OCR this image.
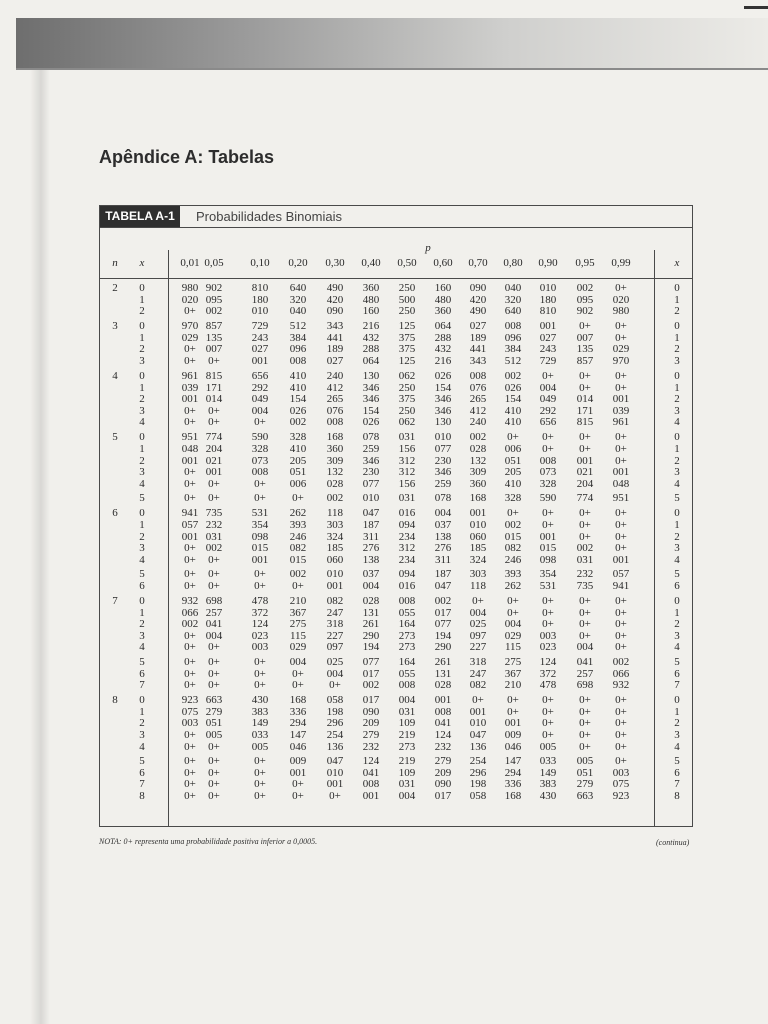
Apêndice A: Tabelas
TABELA A-1	Probabilidades Binomiais
p
n x	x
0,01 0,05 0,10 0,20 0,30 0,40 0,50 0,60 0,70 0,80 0,90 0,95 0,99
2 0	980 902	810 640 490 360 250 160 090 040 010 002 0+	0
1	020 095	180 320 420 480 500 480 420 320 180 095 020	1
2	0+ 002	010 040 090 160 250 360 490 640 810 902 980	2
3 0	970 857	729 512 343 216 125 064 027 008 001 0+ 0+	0
1	029 135	243 384 441 432 375 288 189 096 027 007 0+	1
2	0+ 007	027 096 189 288 375 432 441 384 243 135 029	2
3	0+ 0+	001 008 027 064 125 216 343 512 729 857 970	3
4 0	961 815	656 410 240 130 062 026 008 002 0+ 0+ 0+	0
1	039 171	292 410 412 346 250 154 076 026 004 0+ 0+	1
2	001 014	049 154 265 346 375 346 265 154 049 014 001	2
3	0+ 0+	004 026 076 154 250 346 412 410 292 171 039	3
4	0+ 0+	0+ 002 008 026 062 130 240 410 656 815 961	4
5 0	951 774	590 328 168 078 031 010 002 0+ 0+ 0+ 0+	0
1	048 204	328 410 360 259 156 077 028 006 0+ 0+ 0+	1
2	001 021	073 205 309 346 312 230 132 051 008 001 0+	2
3	0+ 001	008 051 132 230 312 346 309 205 073 021 001	3
4	0+ 0+	0+ 006 028 077 156 259 360 410 328 204 048	4
5	0+ 0+	0+ 0+ 002 010 031 078 168 328 590 774 951	5
6 0	941 735	531 262 118 047 016 004 001 0+ 0+ 0+ 0+	0
1	057 232	354 393 303 187 094 037 010 002 0+ 0+ 0+	1
2	001 031	098 246 324 311 234 138 060 015 001 0+ 0+	2
3	0+ 002	015 082 185 276 312 276 185 082 015 002 0+	3
4	0+ 0+	001 015 060 138 234 311 324 246 098 031 001	4
5	0+ 0+	0+ 002 010 037 094 187 303 393 354 232 057	5
6	0+ 0+	0+ 0+ 001 004 016 047 118 262 531 735 941	6
7 0	932 698	478 210 082 028 008 002 0+ 0+ 0+ 0+ 0+	0
1	066 257	372 367 247 131 055 017 004 0+ 0+ 0+ 0+	1
2	002 041	124 275 318 261 164 077 025 004 0+ 0+ 0+	2
3	0+ 004	023 115 227 290 273 194 097 029 003 0+ 0+	3
4	0+ 0+	003 029 097 194 273 290 227 115 023 004 0+	4
5	0+ 0+	0+ 004 025 077 164 261 318 275 124 041 002	5
6	0+ 0+	0+ 0+ 004 017 055 131 247 367 372 257 066	6
7	0+ 0+	0+ 0+ 0+ 002 008 028 082 210 478 698 932	7
8 0	923 663	430 168 058 017 004 001 0+ 0+ 0+ 0+ 0+	0
1	075 279	383 336 198 090 031 008 001 0+ 0+ 0+ 0+	1
2	003 051	149 294 296 209 109 041 010 001 0+ 0+ 0+	2
3	0+ 005	033 147 254 279 219 124 047 009 0+ 0+ 0+	3
4	0+ 0+	005 046 136 232 273 232 136 046 005 0+ 0+	4
5	0+ 0+	0+ 009 047 124 219 279 254 147 033 005 0+	5
6	0+ 0+	0+ 001 010 041 109 209 296 294 149 051 003	6
7	0+ 0+	0+ 0+ 001 008 031 090 198 336 383 279 075	7
8	0+ 0+	0+ 0+ 0+ 001 004 017 058 168 430 663 923	8
NOTA: 0+ representa uma probabilidade positiva inferior a 0,0005.	(continua)
